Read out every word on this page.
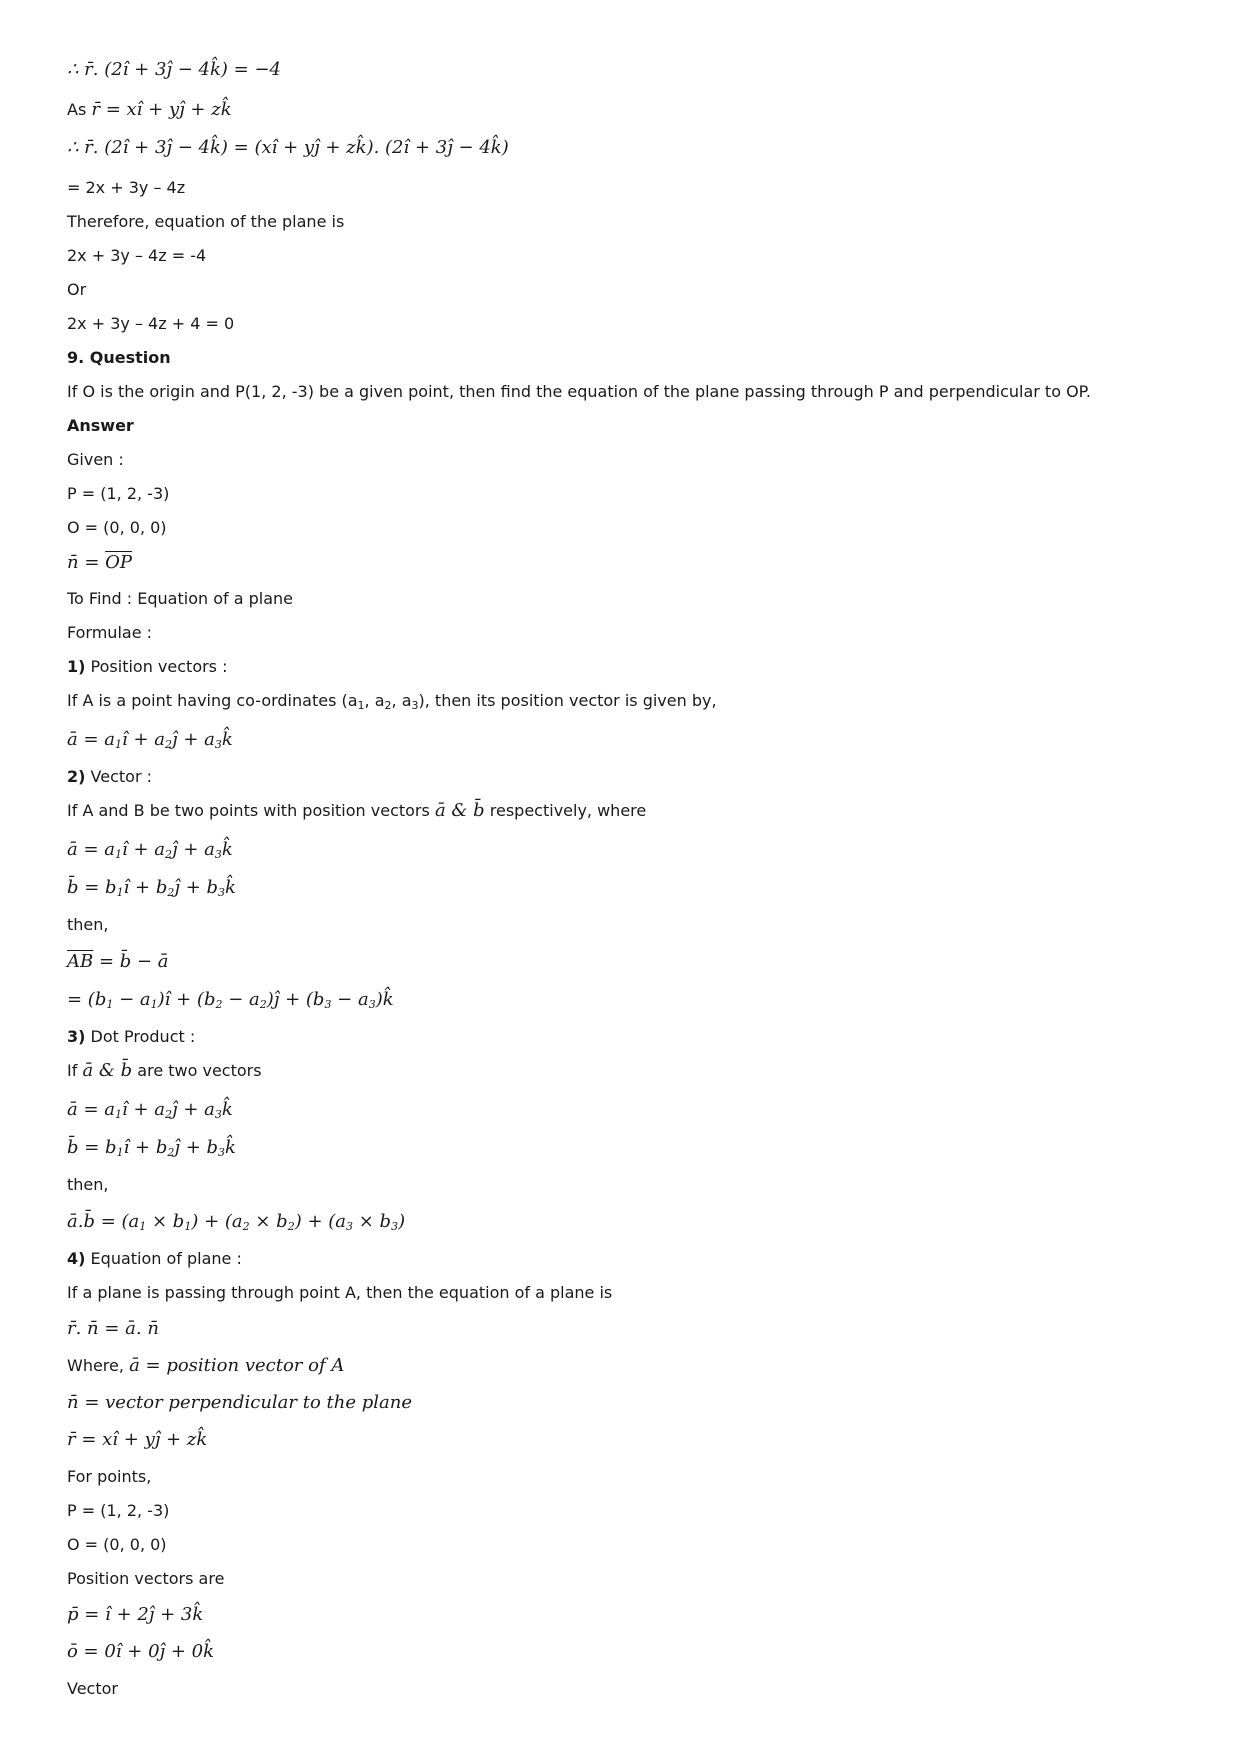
∴ r̄. (2î + 3ĵ − 4k̂) = −4
As r̄ = xî + yĵ + zk̂
∴ r̄. (2î + 3ĵ − 4k̂) = (xî + yĵ + zk̂). (2î + 3ĵ − 4k̂)
= 2x + 3y – 4z
Therefore, equation of the plane is
2x + 3y – 4z = -4
Or
2x + 3y – 4z + 4 = 0
9. Question
If O is the origin and P(1, 2, -3) be a given point, then find the equation of the plane passing through P and perpendicular to OP.
Answer
Given :
P = (1, 2, -3)
O = (0, 0, 0)
n̄ = $\overline{OP}$
To Find : Equation of a plane
Formulae :
1) Position vectors :
If A is a point having co-ordinates ($a_1$, $a_2$, $a_3$), then its position vector is given by,
ā = $a_1î$ + $a_2ĵ$ + $a_3k̂$
2) Vector :
If A and B be two points with position vectors ā & b̄ respectively, where
ā = $a_1î$ + $a_2ĵ$ + $a_3k̂$
b̄ = $b_1î$ + $b_2ĵ$ + $b_3k̂$
then,
$\overline{AB}$ = b̄ − ā
= ($b_1$ − $a_1)î + (b_2$ − $a_2)ĵ + (b_3$ − $a_3)k̂$
3) Dot Product :
If ā & b̄ are two vectors
ā = $a_1î$ + $a_2ĵ$ + $a_3k̂$
b̄ = $b_1î$ + $b_2ĵ$ + $b_3k̂$
then,
ā.b̄ = $(a_1 \times b_1) + (a_2 \times b_2) + (a_3 \times b_3)$
4) Equation of plane :
If a plane is passing through point A, then the equation of a plane is
r̄. n̄ = ā. n̄
Where, ā = position vector of A
n̄ = vector perpendicular to the plane
r̄ = xî + yĵ + zk̂
For points,
P = (1, 2, -3)
O = (0, 0, 0)
Position vectors are
p̄ = î + 2ĵ + 3k̂
ō = 0î + 0ĵ + 0k̂
Vector
